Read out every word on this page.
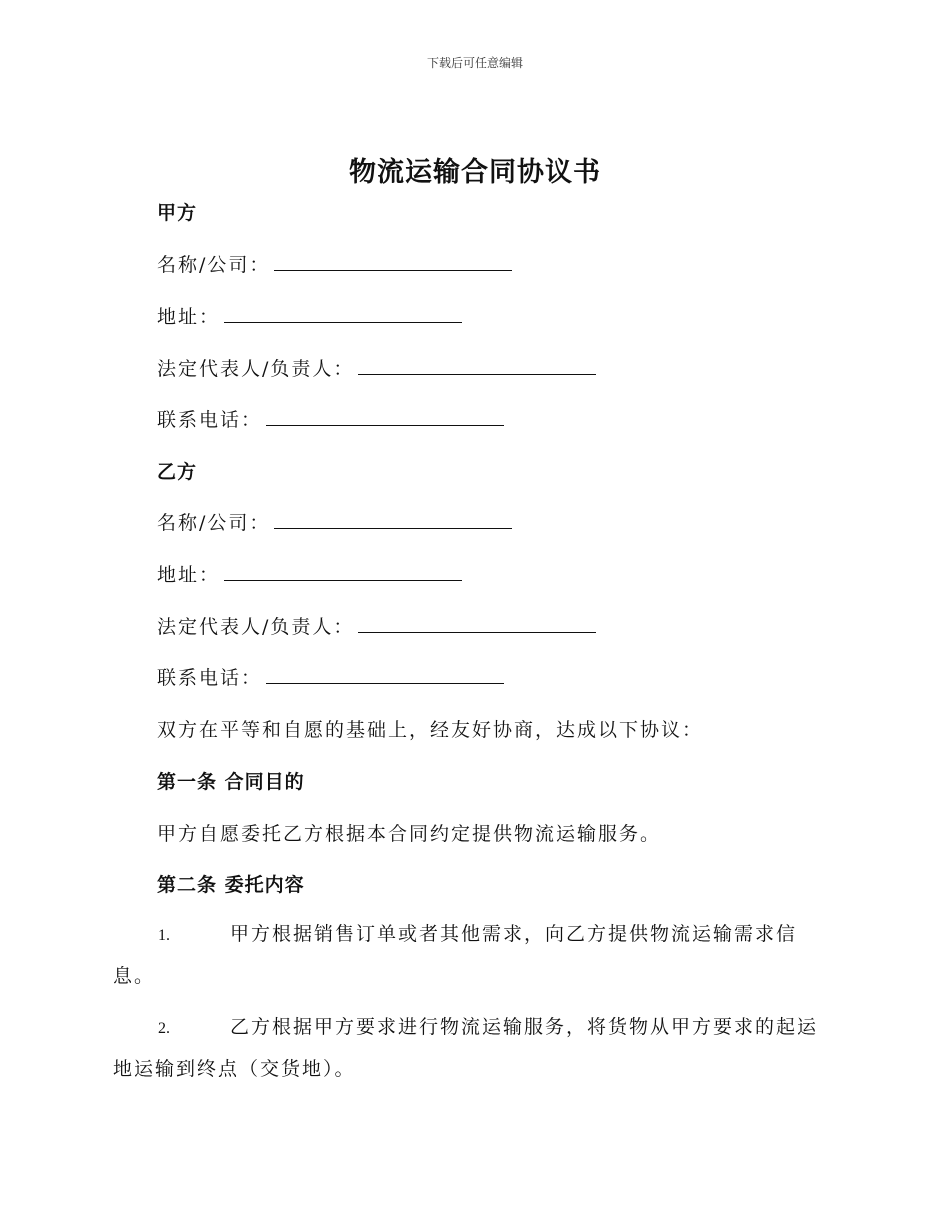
下载后可任意编辑
物流运输合同协议书
甲方
名称/公司：
地址：
法定代表人/负责人：
联系电话：
乙方
名称/公司：
地址：
法定代表人/负责人：
联系电话：
双方在平等和自愿的基础上，经友好协商，达成以下协议：
第一条 合同目的
甲方自愿委托乙方根据本合同约定提供物流运输服务。
第二条 委托内容
1.	甲方根据销售订单或者其他需求，向乙方提供物流运输需求信息。
2.	乙方根据甲方要求进行物流运输服务，将货物从甲方要求的起运地运输到终点（交货地）。
